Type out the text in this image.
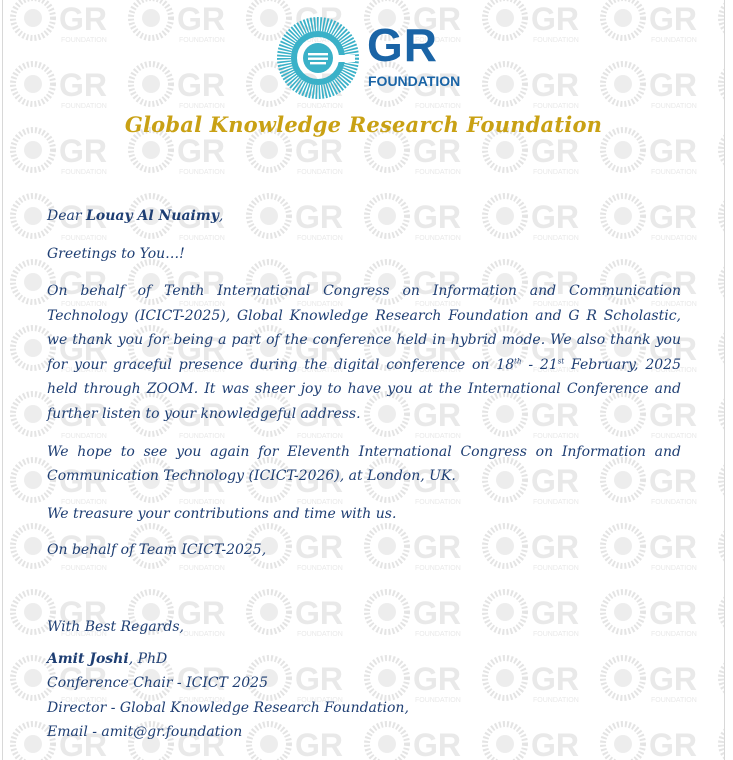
GR
FOUNDATION
Global Knowledge Research Foundation

Dear Louay Al Nuaimy,

Greetings to You…!

On behalf of Tenth International Congress on Information and Communication Technology (ICICT-2025), Global Knowledge Research Foundation and G R Scholastic, we thank you for being a part of the conference held in hybrid mode. We also thank you for your graceful presence during the digital conference on 18th - 21st February, 2025 held through ZOOM. It was sheer joy to have you at the International Conference and further listen to your knowledgeful address.

We hope to see you again for Eleventh International Congress on Information and Communication Technology (ICICT-2026), at London, UK.

We treasure your contributions and time with us.

On behalf of Team ICICT-2025,

With Best Regards,

Amit Joshi, PhD

Conference Chair - ICICT 2025

Director - Global Knowledge Research Foundation,

Email - amit@gr.foundation
